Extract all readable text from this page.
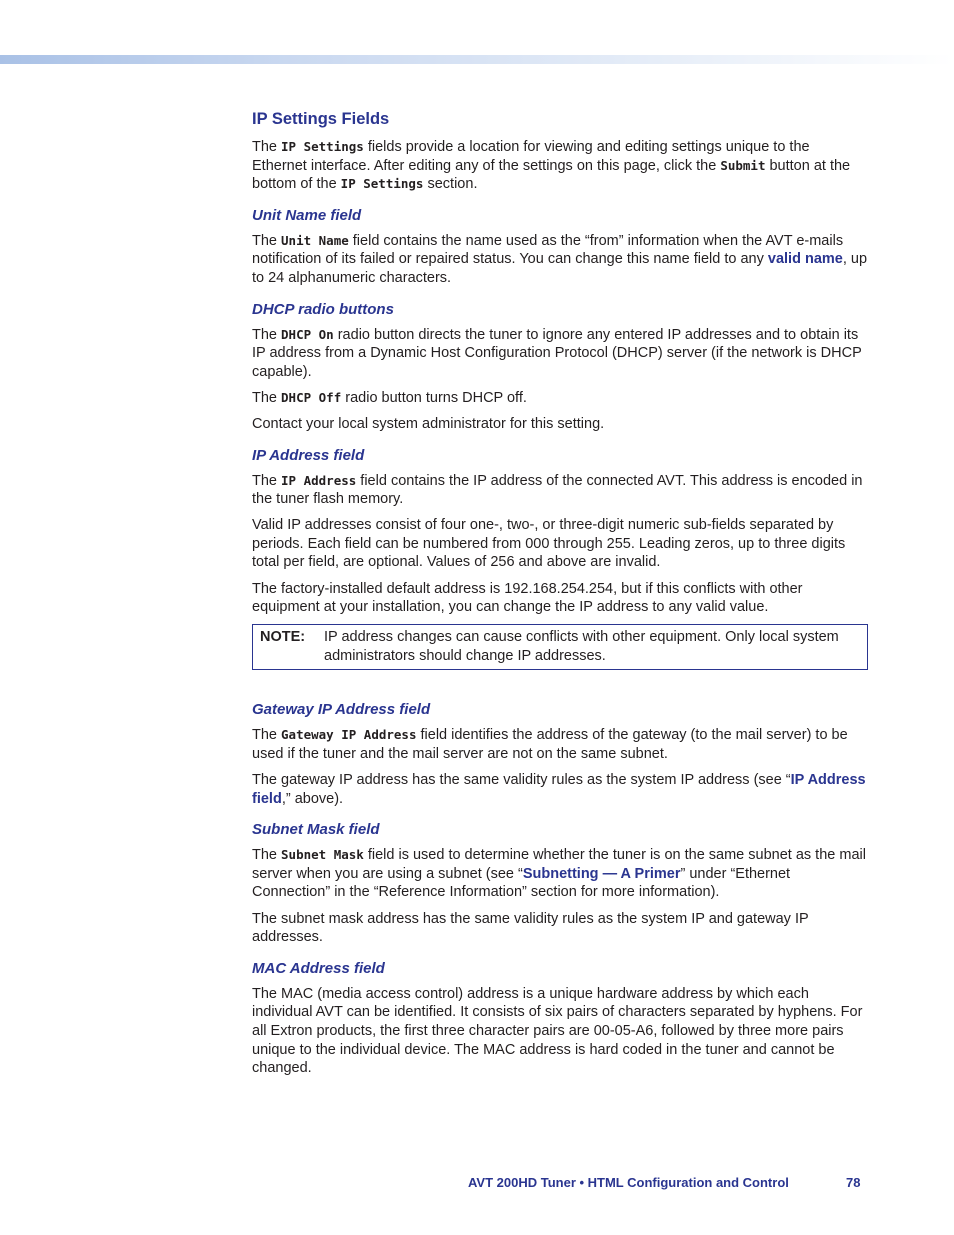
IP Settings Fields

The IP Settings fields provide a location for viewing and editing settings unique to the Ethernet interface. After editing any of the settings on this page, click the Submit button at the bottom of the IP Settings section.

Unit Name field

The Unit Name field contains the name used as the “from” information when the AVT e-mails notification of its failed or repaired status. You can change this name field to any valid name, up to 24 alphanumeric characters.

DHCP radio buttons

The DHCP On radio button directs the tuner to ignore any entered IP addresses and to obtain its IP address from a Dynamic Host Configuration Protocol (DHCP) server (if the network is DHCP capable).

The DHCP Off radio button turns DHCP off.

Contact your local system administrator for this setting.

IP Address field

The IP Address field contains the IP address of the connected AVT. This address is encoded in the tuner flash memory.

Valid IP addresses consist of four one-, two-, or three-digit numeric sub-fields separated by periods. Each field can be numbered from 000 through 255. Leading zeros, up to three digits total per field, are optional. Values of 256 and above are invalid.

The factory-installed default address is 192.168.254.254, but if this conflicts with other equipment at your installation, you can change the IP address to any valid value.

NOTE:	IP address changes can cause conflicts with other equipment. Only local system administrators should change IP addresses.
Gateway IP Address field

The Gateway IP Address field identifies the address of the gateway (to the mail server) to be used if the tuner and the mail server are not on the same subnet.

The gateway IP address has the same validity rules as the system IP address (see “IP Address field,” above).

Subnet Mask field

The Subnet Mask field is used to determine whether the tuner is on the same subnet as the mail server when you are using a subnet (see “Subnetting — A Primer” under “Ethernet Connection” in the “Reference Information” section for more information).

The subnet mask address has the same validity rules as the system IP and gateway IP addresses.

MAC Address field

The MAC (media access control) address is a unique hardware address by which each individual AVT can be identified. It consists of six pairs of characters separated by hyphens. For all Extron products, the first three character pairs are 00-05-A6, followed by three more pairs unique to the individual device. The MAC address is hard coded in the tuner and cannot be changed.

AVT 200HD Tuner • HTML Configuration and Control	78
